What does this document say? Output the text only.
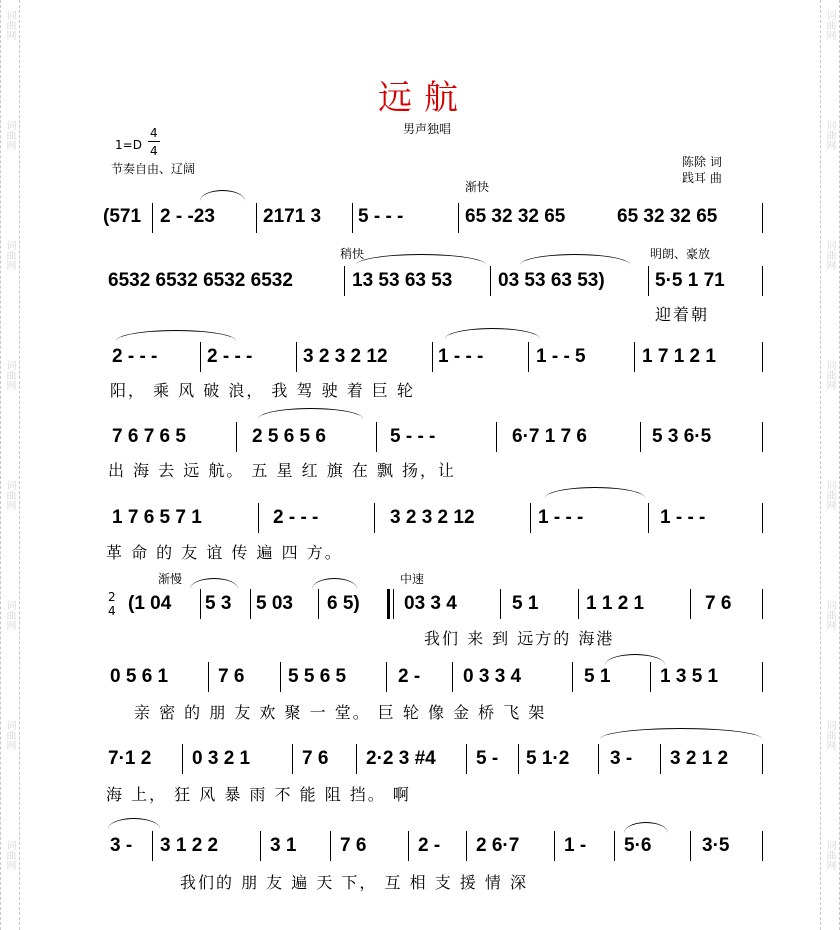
词曲网
词曲网
词曲网
词曲网
词曲网
词曲网
词曲网
词曲网
词曲网
词曲网
词曲网
词曲网
词曲网
词曲网
词曲网
词曲网
远航
男声独唱
1=D
4
4
节奏自由、辽阔	陈除 词
践耳 曲
渐快
稍快	明朗、豪放
渐慢	中速
2
4
(571 2 - -23	2171 3 5 - - -	65 32 32 65	65 32 32 65
6532 6532 6532 6532	13 53 63 53 03 53 63 53)	5·5 1 71
迎着朝
2 - - -	2 - - -	3 2 3 2 12	1 - - -	1 - - 5	1 7 1 2 1
阳， 乘 风 破 浪， 我 驾 驶 着 巨 轮
7 6 7 6 5	2 5 6 5 6	5 - - -	6·7 1 7 6	5 3 6·5
出 海 去 远 航。 五 星 红 旗 在 飘 扬，让
1 7 6 5 7 1	2 - - -	3 2 3 2 12	1 - - -	1 - - -
革 命 的 友 谊 传 遍 四 方。
(1 04 5 3 5 03 6 5) 03 3 4	5 1	1 1 2 1	7 6
我们 来 到 远方的 海港
0 5 6 1	7 6 5 5 6 5	2 - 0 3 3 4	5 1	1 3 5 1
亲 密 的 朋 友 欢 聚 一 堂。 巨 轮 像 金 桥 飞 架
7·1 2 0 3 2 1	7 6 2·2 3 #4 5 - 5 1·2 3 - 3 2 1 2
海 上， 狂 风 暴 雨 不 能 阻 挡。 啊
3 - 3 1 2 2	3 1 7 6	2 - 2 6·7 1 - 5·6	3·5
我们的 朋 友 遍 天 下， 互 相 支 援 情 深
